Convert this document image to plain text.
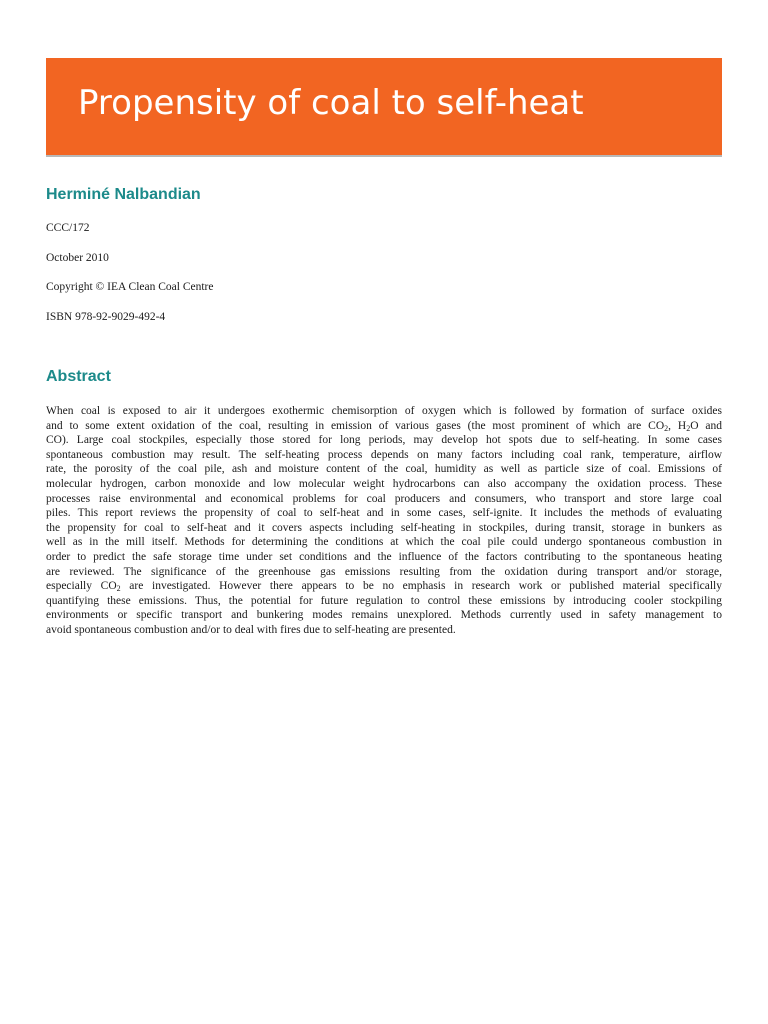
Propensity of coal to self-heat
Herminé Nalbandian

CCC/172

October 2010

Copyright © IEA Clean Coal Centre

ISBN 978-92-9029-492-4

Abstract
When coal is exposed to air it undergoes exothermic chemisorption of oxygen which is followed by formation of surface oxides
and to some extent oxidation of the coal, resulting in emission of various gases (the most prominent of which are $CO_2$, $H_2O$ and
CO). Large coal stockpiles, especially those stored for long periods, may develop hot spots due to self-heating. In some cases
spontaneous combustion may result. The self-heating process depends on many factors including coal rank, temperature, airflow
rate, the porosity of the coal pile, ash and moisture content of the coal, humidity as well as particle size of coal. Emissions of
molecular hydrogen, carbon monoxide and low molecular weight hydrocarbons can also accompany the oxidation process. These
processes raise environmental and economical problems for coal producers and consumers, who transport and store large coal
piles. This report reviews the propensity of coal to self-heat and in some cases, self-ignite. It includes the methods of evaluating
the propensity for coal to self-heat and it covers aspects including self-heating in stockpiles, during transit, storage in bunkers as
well as in the mill itself. Methods for determining the conditions at which the coal pile could undergo spontaneous combustion in
order to predict the safe storage time under set conditions and the influence of the factors contributing to the spontaneous heating
are reviewed. The significance of the greenhouse gas emissions resulting from the oxidation during transport and/or storage,
especially $CO_2$ are investigated. However there appears to be no emphasis in research work or published material specifically
quantifying these emissions. Thus, the potential for future regulation to control these emissions by introducing cooler stockpiling
environments or specific transport and bunkering modes remains unexplored. Methods currently used in safety management to
avoid spontaneous combustion and/or to deal with fires due to self-heating are presented.
